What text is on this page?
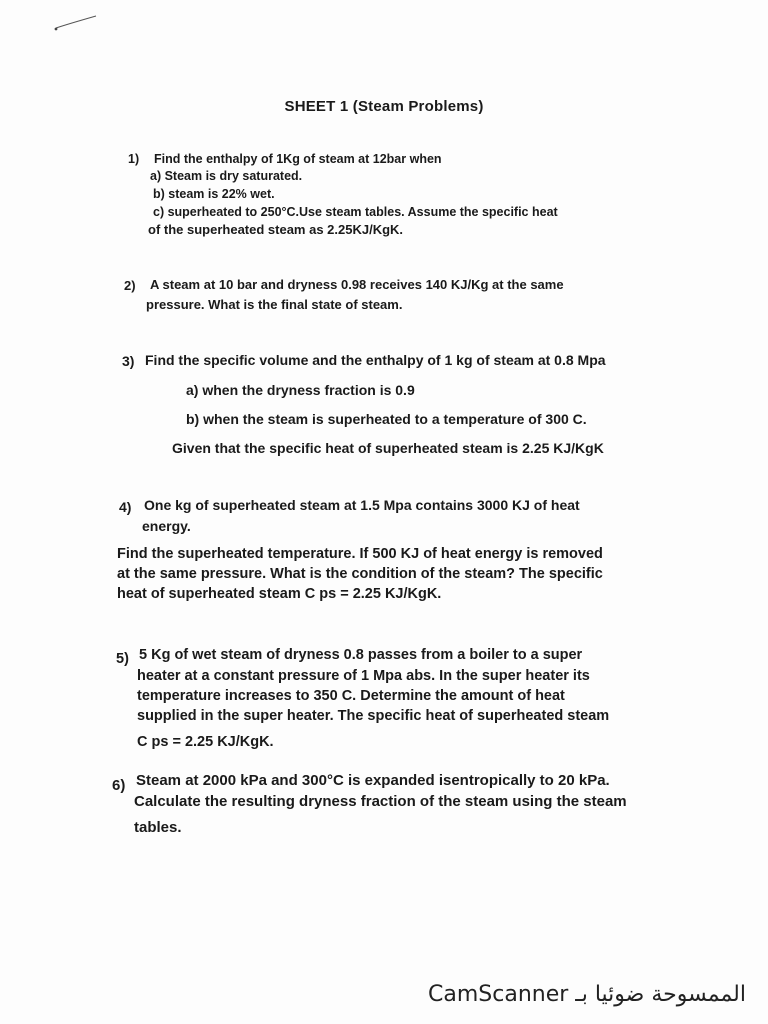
SHEET 1 (Steam Problems)
1) Find the enthalpy of 1Kg of steam at 12bar when
a) Steam is dry saturated.
b) steam is 22% wet.
c) superheated to 250°C.Use steam tables. Assume the specific heat
of the superheated steam as 2.25KJ/KgK.
2) A steam at 10 bar and dryness 0.98 receives 140 KJ/Kg at the same
pressure. What is the final state of steam.
3) Find the specific volume and the enthalpy of 1 kg of steam at 0.8 Mpa
a) when the dryness fraction is 0.9
b) when the steam is superheated to a temperature of 300 C.
Given that the specific heat of superheated steam is 2.25 KJ/KgK
4) One kg of superheated steam at 1.5 Mpa contains 3000 KJ of heat
energy.
Find the superheated temperature. If 500 KJ of heat energy is removed
at the same pressure. What is the condition of the steam? The specific
heat of superheated steam C ps = 2.25 KJ/KgK.
5) 5 Kg of wet steam of dryness 0.8 passes from a boiler to a super
heater at a constant pressure of 1 Mpa abs. In the super heater its
temperature increases to 350 C. Determine the amount of heat
supplied in the super heater. The specific heat of superheated steam
C ps = 2.25 KJ/KgK.
6) Steam at 2000 kPa and 300°C is expanded isentropically to 20 kPa.
Calculate the resulting dryness fraction of the steam using the steam
tables.
CamScanner الممسوحة ضوئيا بـ
